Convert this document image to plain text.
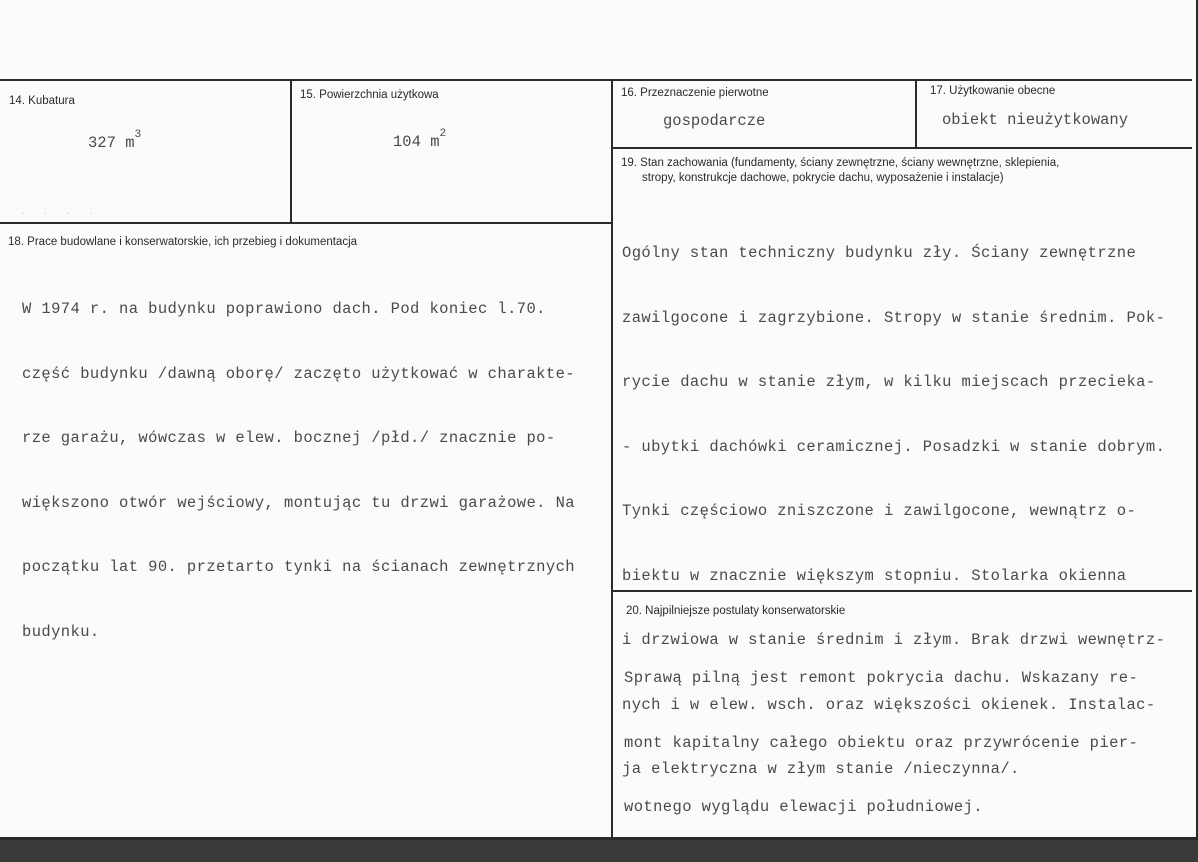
14. Kubatura
327 $m^3$
. . . .
15. Powierzchnia użytkowa
104 $m^2$
16. Przeznaczenie pierwotne
gospodarcze
17. Użytkowanie obecne
obiekt nieużytkowany
18. Prace budowlane i konserwatorskie, ich przebieg i dokumentacja

W 1974 r. na budynku poprawiono dach. Pod koniec l.70.

część budynku /dawną oborę/ zaczęto użytkować w charakte-

rze garażu, wówczas w elew. bocznej /płd./ znacznie po-

większono otwór wejściowy, montując tu drzwi garażowe. Na

początku lat 90. przetarto tynki na ścianach zewnętrznych

budynku.

19. Stan zachowania (fundamenty, ściany zewnętrzne, ściany wewnętrzne, sklepienia,
stropy, konstrukcje dachowe, pokrycie dachu, wyposażenie i instalacje)

Ogólny stan techniczny budynku zły. Ściany zewnętrzne

zawilgocone i zagrzybione. Stropy w stanie średnim. Pok-

rycie dachu w stanie złym, w kilku miejscach przecieka-

- ubytki dachówki ceramicznej. Posadzki w stanie dobrym.

Tynki częściowo zniszczone i zawilgocone, wewnątrz o-

biektu w znacznie większym stopniu. Stolarka okienna

i drzwiowa w stanie średnim i złym. Brak drzwi wewnętrz-

nych i w elew. wsch. oraz większości okienek. Instalac-

ja elektryczna w złym stanie /nieczynna/.

20. Najpilniejsze postulaty konserwatorskie

Sprawą pilną jest remont pokrycia dachu. Wskazany re-

mont kapitalny całego obiektu oraz przywrócenie pier-

wotnego wyglądu elewacji południowej.
